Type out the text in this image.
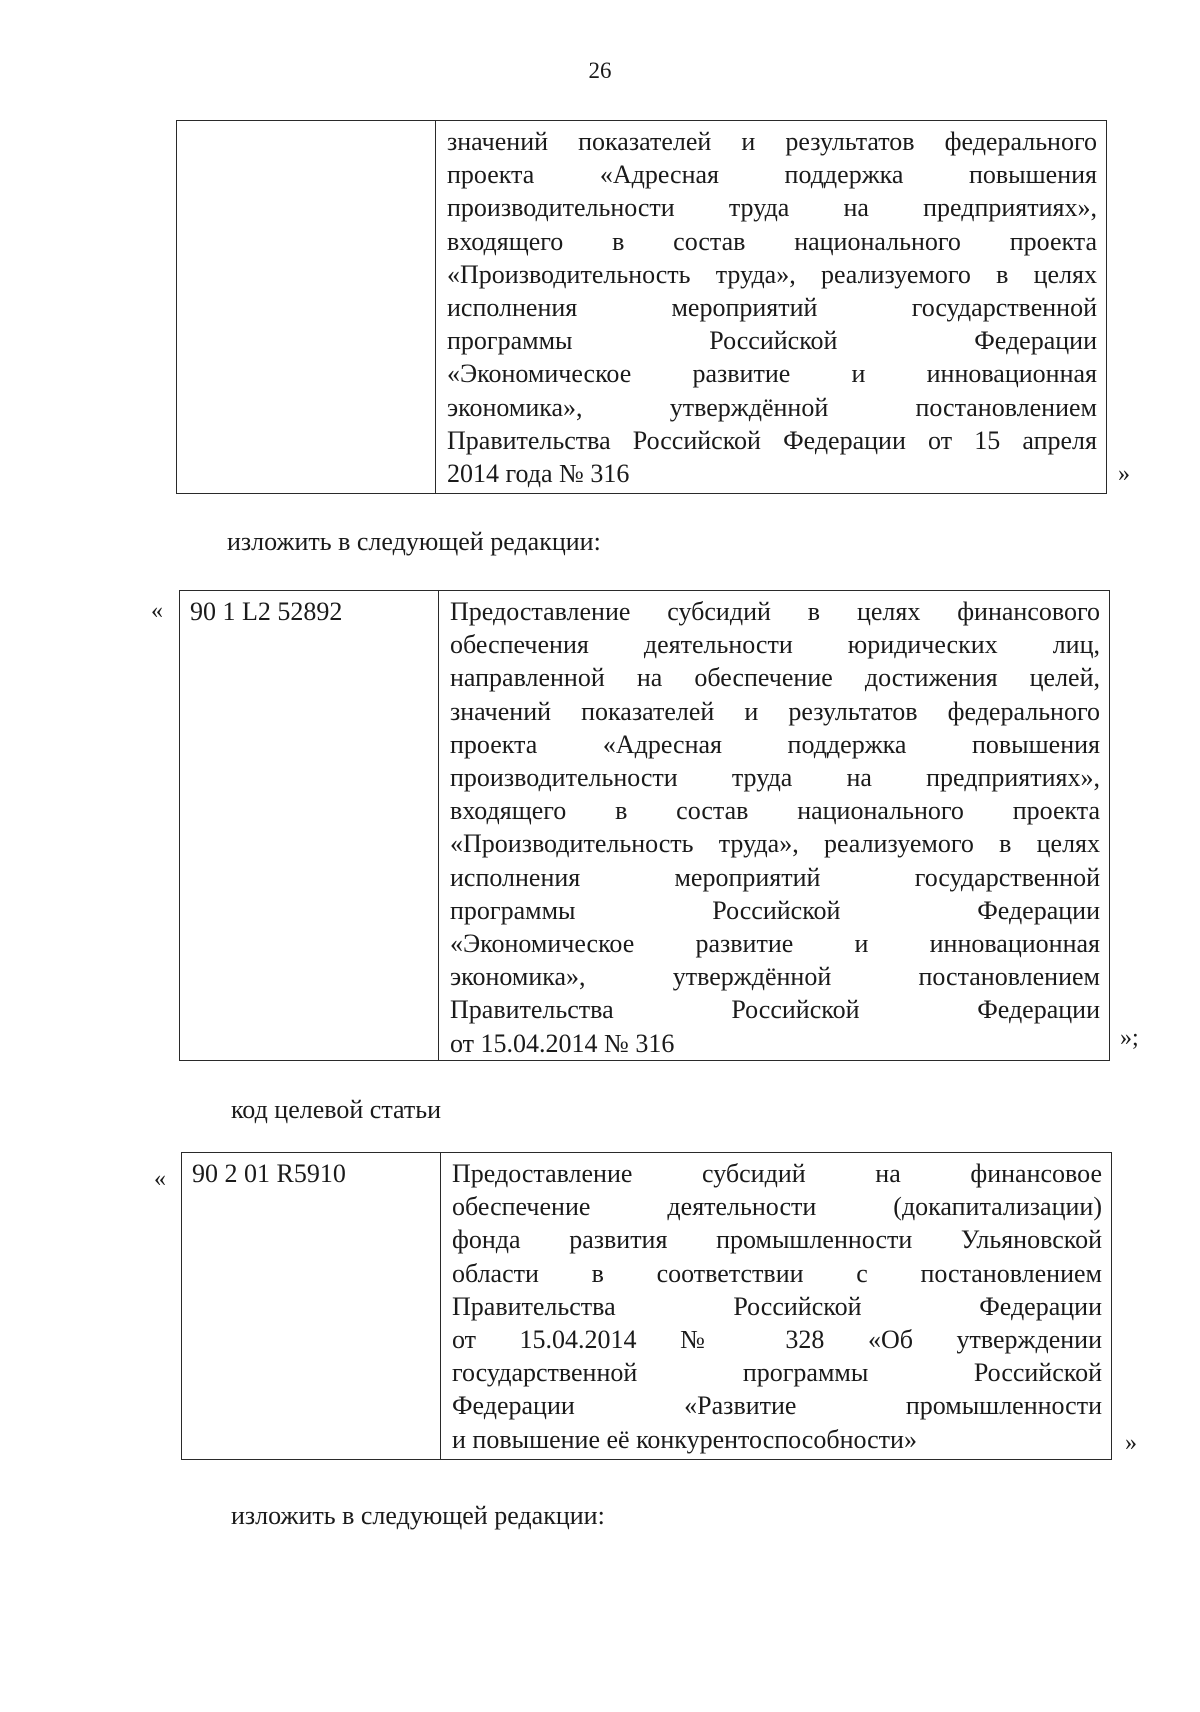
26

значений показателей и результатов федерального
проекта «Адресная поддержка повышения
производительности труда на предприятиях»,
входящего в состав национального проекта
«Производительность труда», реализуемого в целях
исполнения мероприятий государственной
программы Российской Федерации
«Экономическое развитие и инновационная
экономика», утверждённой постановлением
Правительства Российской Федерации от 15 апреля
2014 года № 316	»
изложить в следующей редакции:
« 90 1 L2 52892	Предоставление субсидий в целях финансового
обеспечения деятельности юридических лиц,
направленной на обеспечение достижения целей,
значений показателей и результатов федерального
проекта «Адресная поддержка повышения
производительности труда на предприятиях»,
входящего в состав национального проекта
«Производительность труда», реализуемого в целях
исполнения мероприятий государственной
программы Российской Федерации
«Экономическое развитие и инновационная
экономика», утверждённой постановлением
Правительства Российской Федерации
от 15.04.2014 № 316	»;
код целевой статьи
« 90 2 01 R5910	Предоставление субсидий на финансовое
обеспечение деятельности (докапитализации)
фонда развития промышленности Ульяновской
области в соответствии с постановлением
Правительства Российской Федерации
от 15.04.2014 № 328 «Об утверждении
государственной программы Российской
Федерации «Развитие промышленности
и повышение её конкурентоспособности»	»
изложить в следующей редакции:
